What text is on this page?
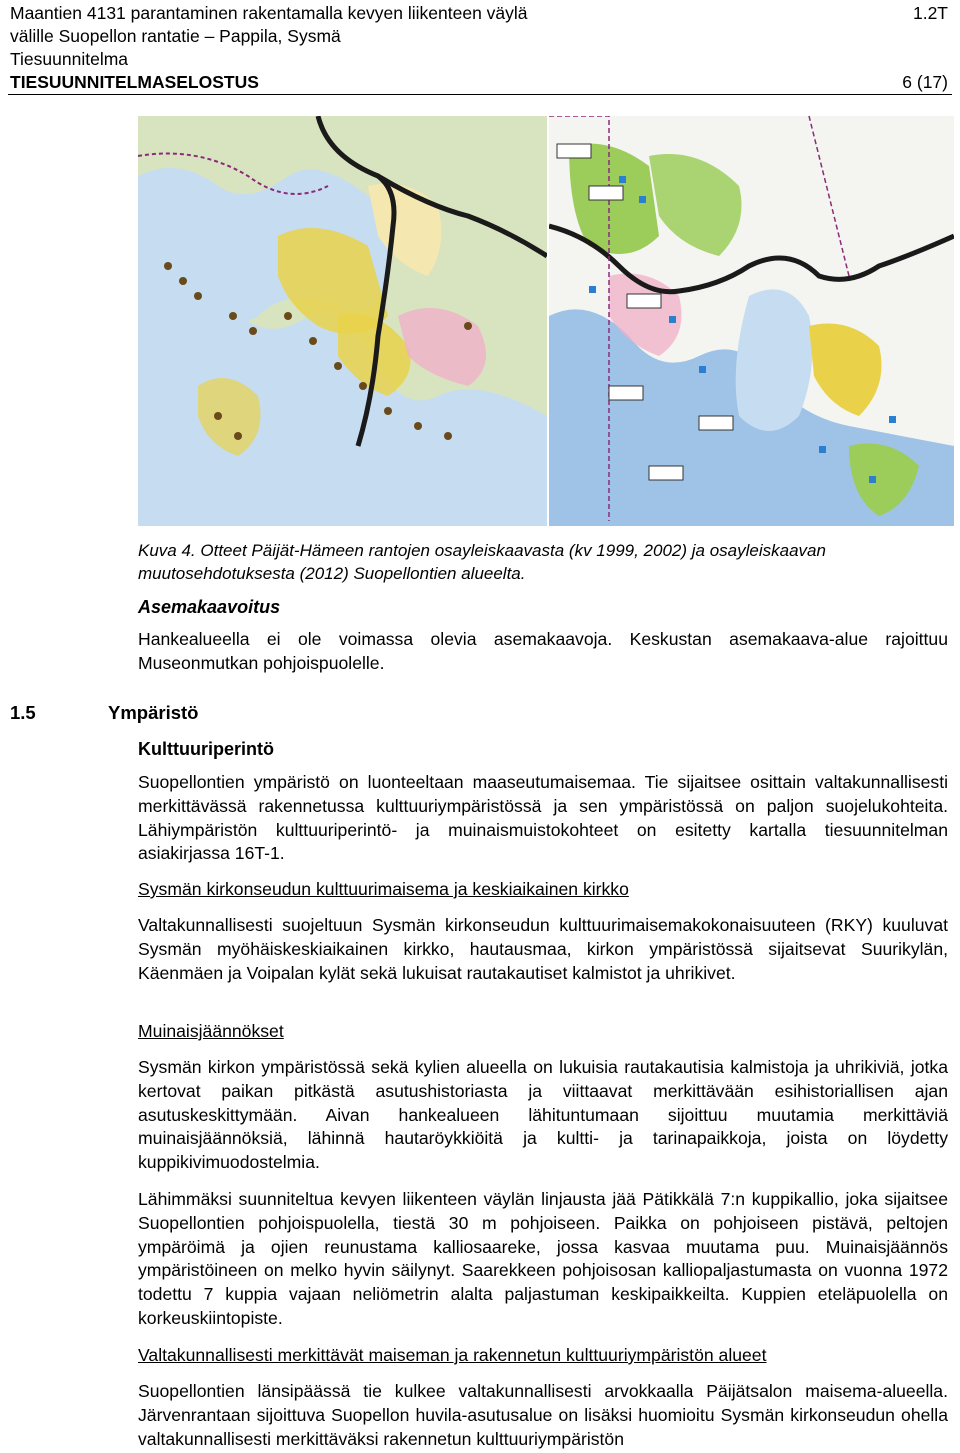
Maantien 4131 parantaminen rakentamalla kevyen liikenteen väylä	1.2T
välille Suopellon rantatie – Pappila, Sysmä
Tiesuunnitelma
TIESUUNNITELMASELOSTUS	6 (17)
Kuva 4. Otteet Päijät-Hämeen rantojen osayleiskaavasta (kv 1999, 2002) ja osayleiskaavan muutosehdotuksesta (2012) Suopellontien alueelta.
Asemakaavoitus

Hankealueella ei ole voimassa olevia asemakaavoja. Keskustan asemakaava-alue rajoittuu Museonmutkan pohjoispuolelle.

1.5	Ympäristö
Kulttuuriperintö

Suopellontien ympäristö on luonteeltaan maaseutumaisemaa. Tie sijaitsee osittain valtakunnallisesti merkittävässä rakennetussa kulttuuriympäristössä ja sen ympäristössä on paljon suojelukohteita. Lähiympäristön kulttuuriperintö- ja muinaismuistokohteet on esitetty kartalla tiesuunnitelman asiakirjassa 16T-1.

Sysmän kirkonseudun kulttuurimaisema ja keskiaikainen kirkko

Valtakunnallisesti suojeltuun Sysmän kirkonseudun kulttuurimaisemakokonaisuuteen (RKY) kuuluvat Sysmän myöhäiskeskiaikainen kirkko, hautausmaa, kirkon ympäristössä sijaitsevat Suurikylän, Käenmäen ja Voipalan kylät sekä lukuisat rautakautiset kalmistot ja uhrikivet.

Muinaisjäännökset

Sysmän kirkon ympäristössä sekä kylien alueella on lukuisia rautakautisia kalmistoja ja uhrikiviä, jotka kertovat paikan pitkästä asutushistoriasta ja viittaavat merkittävään esihistoriallisen ajan asutuskeskittymään. Aivan hankealueen lähituntumaan sijoittuu muutamia merkittäviä muinaisjäännöksiä, lähinnä hautaröykkiöitä ja kultti- ja tarinapaikkoja, joista on löydetty kuppikivimuodostelmia.

Lähimmäksi suunniteltua kevyen liikenteen väylän linjausta jää Pätikkälä 7:n kuppikallio, joka sijaitsee Suopellontien pohjoispuolella, tiestä 30 m pohjoiseen. Paikka on pohjoiseen pistävä, peltojen ympäröimä ja ojien reunustama kalliosaareke, jossa kasvaa muutama puu. Muinaisjäännös ympäristöineen on melko hyvin säilynyt. Saarekkeen pohjoisosan kalliopaljastumasta on vuonna 1972 todettu 7 kuppia vajaan neliömetrin alalta paljastuman keskipaikkeilta. Kuppien eteläpuolella on korkeuskiintopiste.

Valtakunnallisesti merkittävät maiseman ja rakennetun kulttuuriympäristön alueet

Suopellontien länsipäässä tie kulkee valtakunnallisesti arvokkaalla Päijätsalon maisema-alueella. Järvenrantaan sijoittuva Suopellon huvila-asutusalue on lisäksi huomioitu Sysmän kirkonseudun ohella valtakunnallisesti merkittäväksi rakennetun kulttuuriympäristön
